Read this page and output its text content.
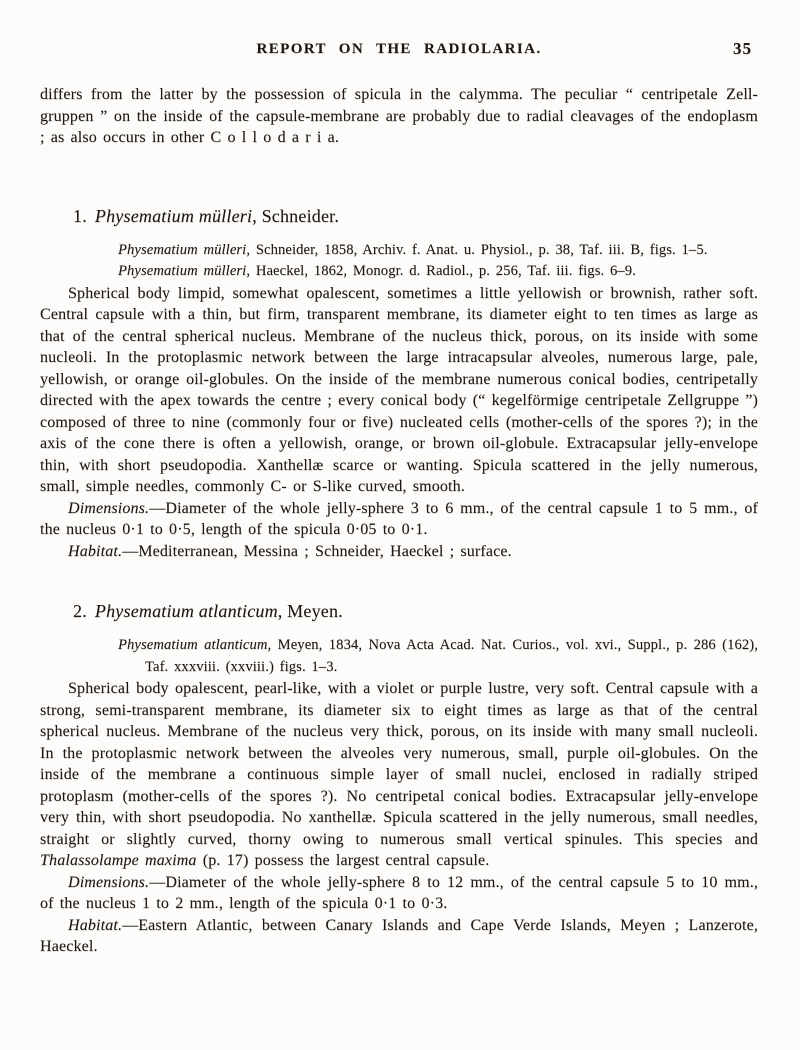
REPORT ON THE RADIOLARIA.	35

differs from the latter by the possession of spicula in the calymma. The peculiar “ centripetale Zell-gruppen ” on the inside of the capsule-membrane are probably due to radial cleavages of the endoplasm ; as also occurs in other C o l l o d a r i a.

1. Physematium mülleri, Schneider.

Physematium mülleri, Schneider, 1858, Archiv. f. Anat. u. Physiol., p. 38, Taf. iii. B, figs. 1–5.

Physematium mülleri, Haeckel, 1862, Monogr. d. Radiol., p. 256, Taf. iii. figs. 6–9.

Spherical body limpid, somewhat opalescent, sometimes a little yellowish or brownish, rather soft. Central capsule with a thin, but firm, transparent membrane, its diameter eight to ten times as large as that of the central spherical nucleus. Membrane of the nucleus thick, porous, on its inside with some nucleoli. In the protoplasmic network between the large intracapsular alveoles, numerous large, pale, yellowish, or orange oil-globules. On the inside of the membrane numerous conical bodies, centripetally directed with the apex towards the centre ; every conical body (“ kegelförmige centripetale Zellgruppe ”) composed of three to nine (commonly four or five) nucleated cells (mother-cells of the spores ?); in the axis of the cone there is often a yellowish, orange, or brown oil-globule. Extracapsular jelly-envelope thin, with short pseudopodia. Xanthellæ scarce or wanting. Spicula scattered in the jelly numerous, small, simple needles, commonly C- or S-like curved, smooth.

Dimensions.—Diameter of the whole jelly-sphere 3 to 6 mm., of the central capsule 1 to 5 mm., of the nucleus 0·1 to 0·5, length of the spicula 0·05 to 0·1.

Habitat.—Mediterranean, Messina ; Schneider, Haeckel ; surface.

2. Physematium atlanticum, Meyen.

Physematium atlanticum, Meyen, 1834, Nova Acta Acad. Nat. Curios., vol. xvi., Suppl., p. 286 (162), Taf. xxxviii. (xxviii.) figs. 1–3.

Spherical body opalescent, pearl-like, with a violet or purple lustre, very soft. Central capsule with a strong, semi-transparent membrane, its diameter six to eight times as large as that of the central spherical nucleus. Membrane of the nucleus very thick, porous, on its inside with many small nucleoli. In the protoplasmic network between the alveoles very numerous, small, purple oil-globules. On the inside of the membrane a continuous simple layer of small nuclei, enclosed in radially striped protoplasm (mother-cells of the spores ?). No centripetal conical bodies. Extracapsular jelly-envelope very thin, with short pseudopodia. No xanthellæ. Spicula scattered in the jelly numerous, small needles, straight or slightly curved, thorny owing to numerous small vertical spinules. This species and Thalassolampe maxima (p. 17) possess the largest central capsule.

Dimensions.—Diameter of the whole jelly-sphere 8 to 12 mm., of the central capsule 5 to 10 mm., of the nucleus 1 to 2 mm., length of the spicula 0·1 to 0·3.

Habitat.—Eastern Atlantic, between Canary Islands and Cape Verde Islands, Meyen ; Lanzerote, Haeckel.
